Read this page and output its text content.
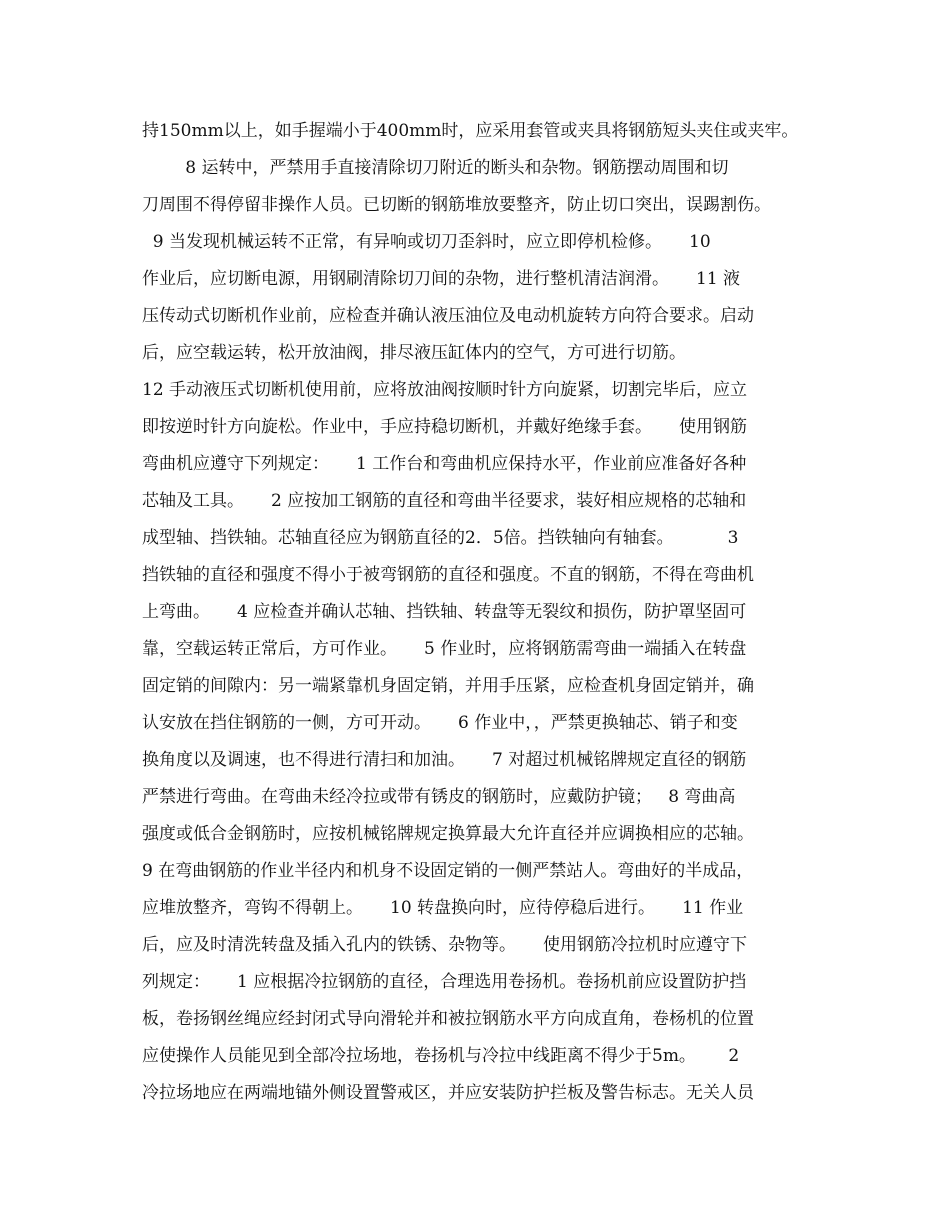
持150mm以上，如手握端小于400mm时，应采用套管或夹具将钢筋短头夹住或夹牢。
8 运转中，严禁用手直接清除切刀附近的断头和杂物。钢筋摆动周围和切
刀周围不得停留非操作人员。已切断的钢筋堆放要整齐，防止切口突出，误踢割伤。
9 当发现机械运转不正常，有异响或切刀歪斜时，应立即停机检修。     10
作业后，应切断电源，用钢刷清除切刀间的杂物，进行整机清洁润滑。     11 液
压传动式切断机作业前，应检查并确认液压油位及电动机旋转方向符合要求。启动
后，应空载运转，松开放油阀，排尽液压缸体内的空气，方可进行切筋。
12 手动液压式切断机使用前，应将放油阀按顺时针方向旋紧，切割完毕后，应立
即按逆时针方向旋松。作业中，手应持稳切断机，并戴好绝缘手套。     使用钢筋
弯曲机应遵守下列规定：     1 工作台和弯曲机应保持水平，作业前应准备好各种
芯轴及工具。     2 应按加工钢筋的直径和弯曲半径要求，装好相应规格的芯轴和
成型轴、挡铁轴。芯轴直径应为钢筋直径的2．5倍。挡铁轴向有轴套。          3
挡铁轴的直径和强度不得小于被弯钢筋的直径和强度。不直的钢筋，不得在弯曲机
上弯曲。     4 应检查并确认芯轴、挡铁轴、转盘等无裂纹和损伤，防护罩坚固可
靠，空载运转正常后，方可作业。     5 作业时，应将钢筋需弯曲一端插入在转盘
固定销的间隙内：另一端紧靠机身固定销，并用手压紧，应检查机身固定销并，确
认安放在挡住钢筋的一侧，方可开动。     6 作业中，，严禁更换轴芯、销子和变
换角度以及调速，也不得进行清扫和加油。     7 对超过机械铭牌规定直径的钢筋
严禁进行弯曲。在弯曲未经冷拉或带有锈皮的钢筋时，应戴防护镜；   8 弯曲高
强度或低合金钢筋时，应按机械铭牌规定换算最大允许直径并应调换相应的芯轴。
9 在弯曲钢筋的作业半径内和机身不设固定销的一侧严禁站人。弯曲好的半成品，
应堆放整齐，弯钩不得朝上。     10 转盘换向时，应待停稳后进行。     11 作业
后，应及时清洗转盘及插入孔内的铁锈、杂物等。     使用钢筋冷拉机时应遵守下
列规定：     1 应根据冷拉钢筋的直径，合理选用卷扬机。卷扬机前应设置防护挡
板，卷扬钢丝绳应经封闭式导向滑轮并和被拉钢筋水平方向成直角，卷杨机的位置
应使操作人员能见到全部冷拉场地，卷扬机与冷拉中线距离不得少于5m。      2
冷拉场地应在两端地锚外侧设置警戒区，并应安装防护拦板及警告标志。无关人员
